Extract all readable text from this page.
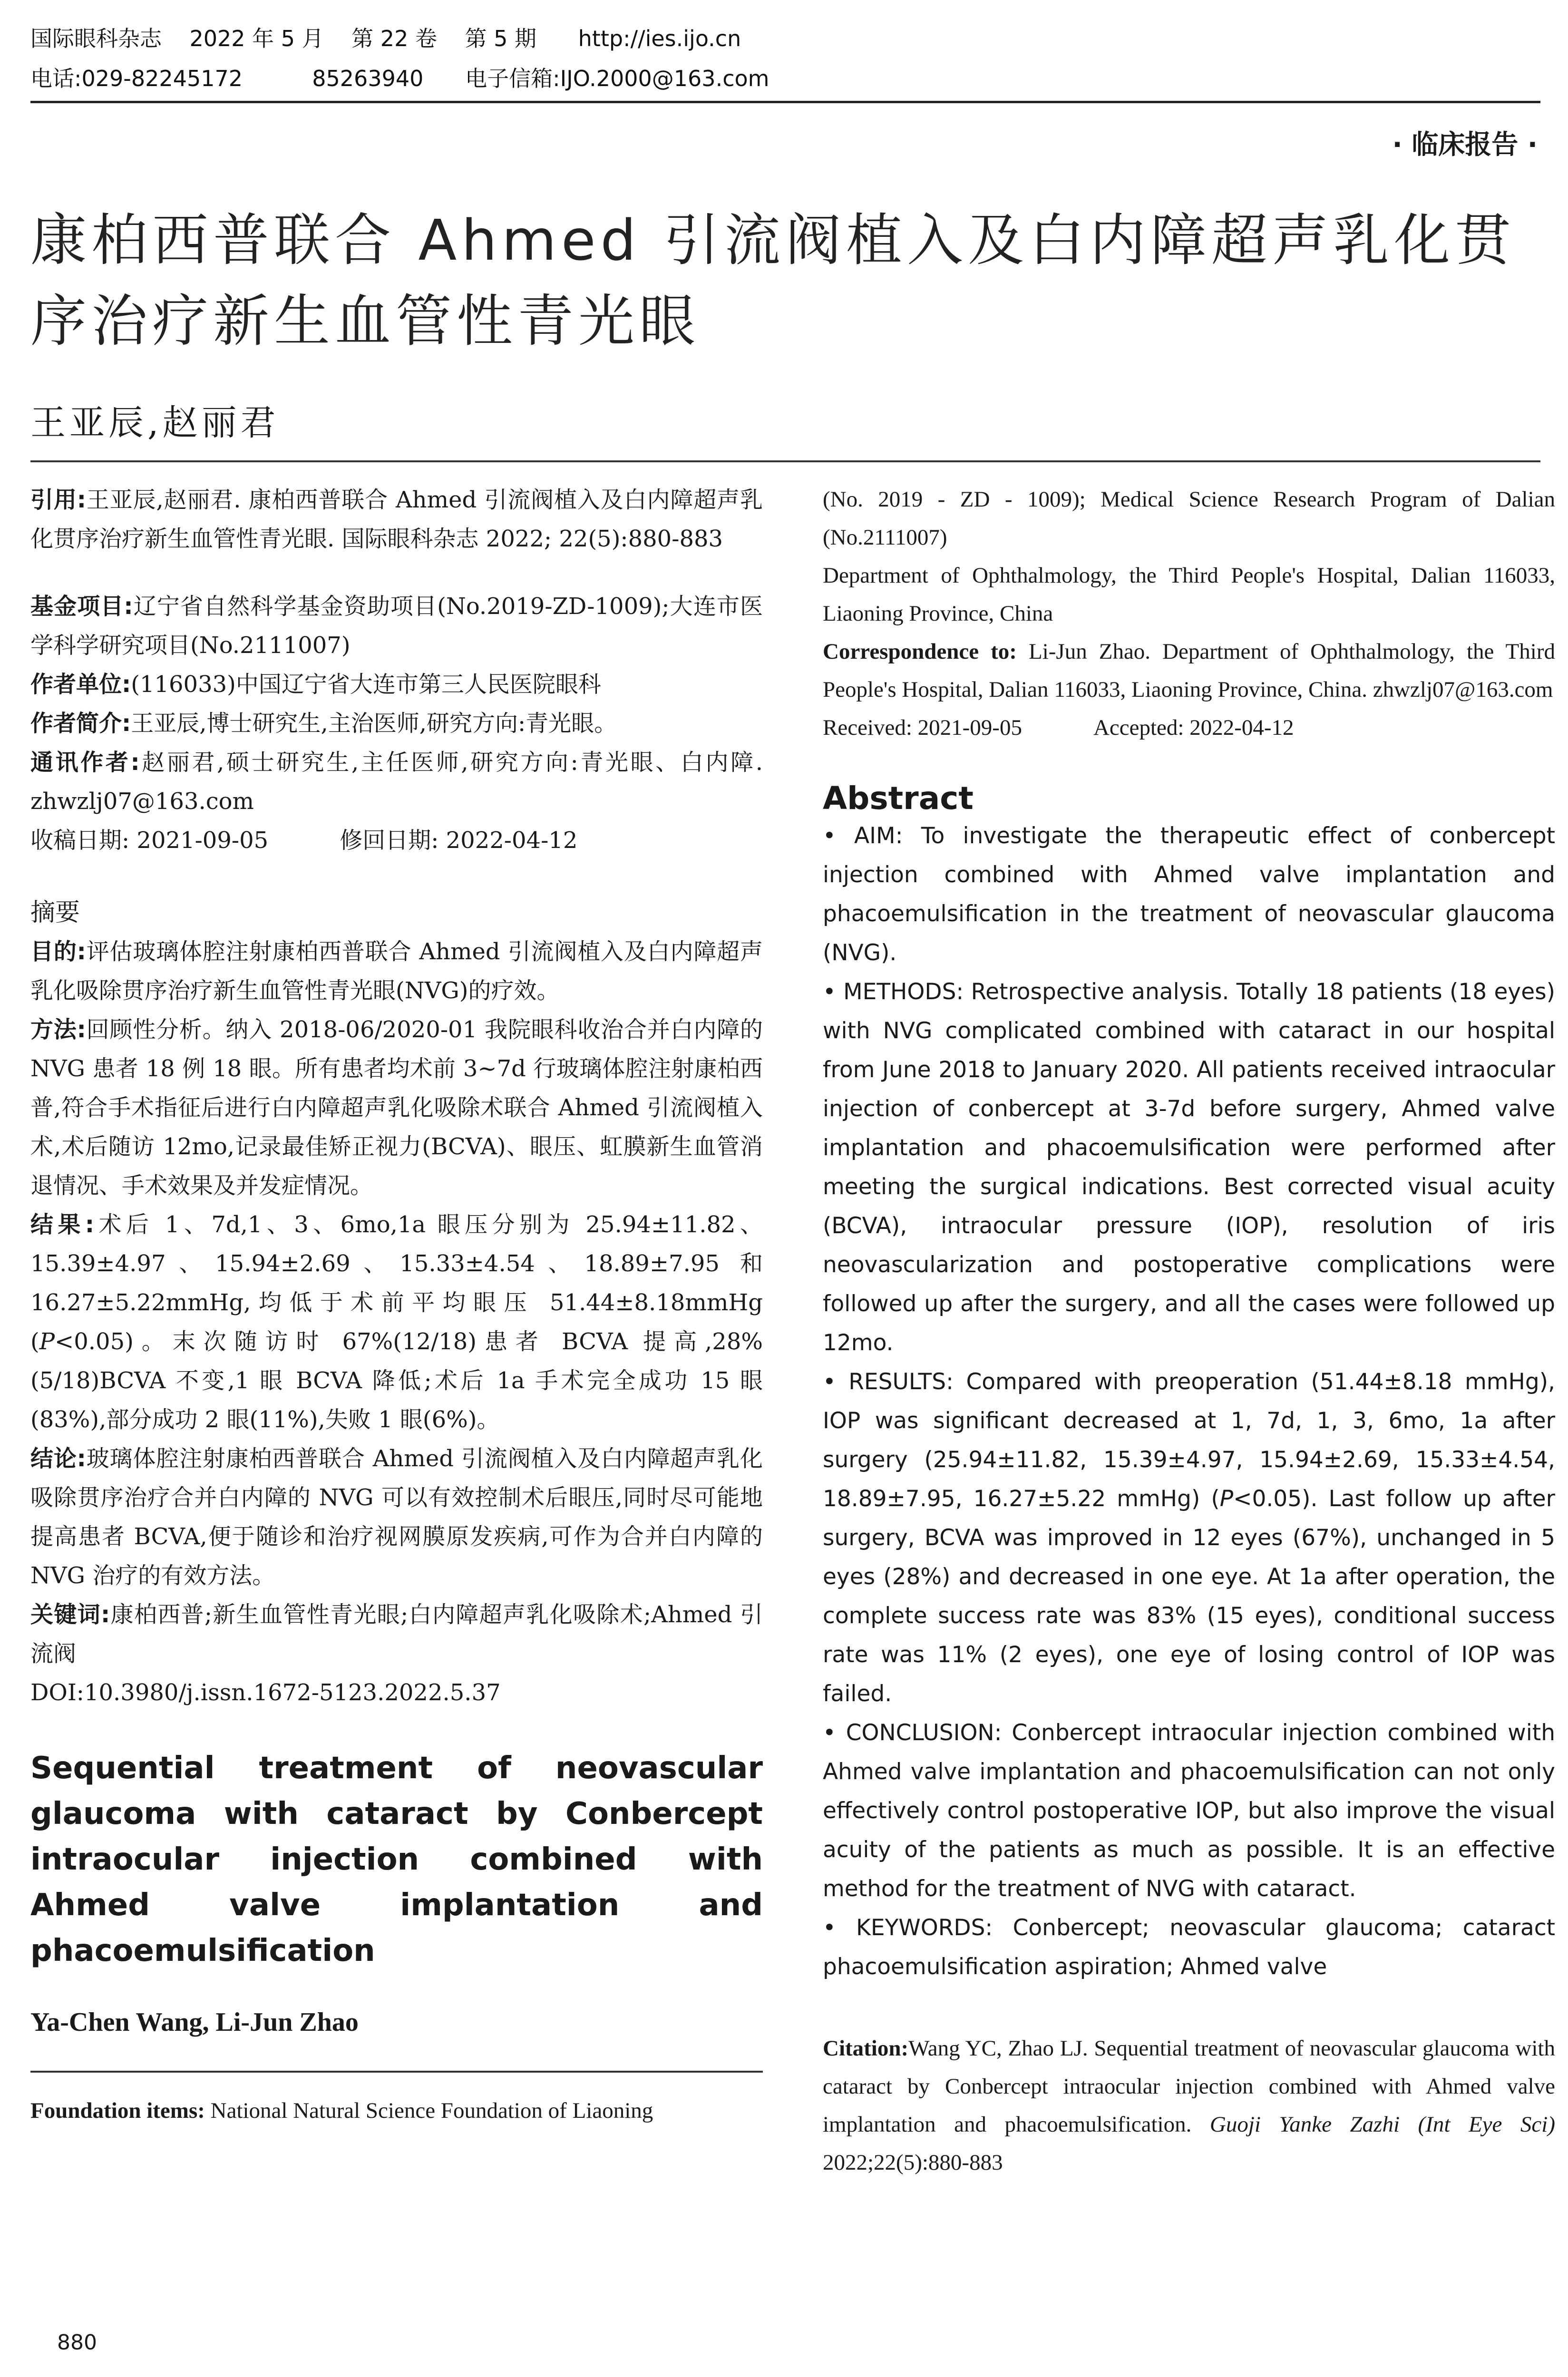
国际眼科杂志    2022 年 5 月    第 22 卷    第 5 期      http://ies.ijo.cn
电话:029-82245172          85263940      电子信箱:IJO.2000@163.com
· 临床报告 ·
康柏西普联合 Ahmed 引流阀植入及白内障超声乳化贯
序治疗新生血管性青光眼
王亚辰,赵丽君
引用:王亚辰,赵丽君. 康柏西普联合 Ahmed 引流阀植入及白内障超声乳化贯序治疗新生血管性青光眼. 国际眼科杂志 2022; 22(5):880-883
基金项目:辽宁省自然科学基金资助项目(No.2019-ZD-1009);大连市医学科学研究项目(No.2111007)
作者单位:(116033)中国辽宁省大连市第三人民医院眼科
作者简介:王亚辰,博士研究生,主治医师,研究方向:青光眼。
通讯作者:赵丽君,硕士研究生,主任医师,研究方向:青光眼、白内障. zhwzlj07@163.com
收稿日期: 2021-09-05	修回日期: 2022-04-12
摘要
目的:评估玻璃体腔注射康柏西普联合 Ahmed 引流阀植入及白内障超声乳化吸除贯序治疗新生血管性青光眼(NVG)的疗效。
方法:回顾性分析。纳入 2018-06/2020-01 我院眼科收治合并白内障的 NVG 患者 18 例 18 眼。所有患者均术前 3~7d 行玻璃体腔注射康柏西普,符合手术指征后进行白内障超声乳化吸除术联合 Ahmed 引流阀植入术,术后随访 12mo,记录最佳矫正视力(BCVA)、眼压、虹膜新生血管消退情况、手术效果及并发症情况。
结果:术后 1、7d,1、3、6mo,1a 眼压分别为 25.94±11.82、15.39±4.97、15.94±2.69、15.33±4.54、18.89±7.95 和 16.27±5.22mmHg,均低于术前平均眼压 51.44±8.18mmHg (P<0.05)。末次随访时 67%(12/18)患者 BCVA 提高,28%(5/18)BCVA 不变,1 眼 BCVA 降低;术后 1a 手术完全成功 15 眼(83%),部分成功 2 眼(11%),失败 1 眼(6%)。
结论:玻璃体腔注射康柏西普联合 Ahmed 引流阀植入及白内障超声乳化吸除贯序治疗合并白内障的 NVG 可以有效控制术后眼压,同时尽可能地提高患者 BCVA,便于随诊和治疗视网膜原发疾病,可作为合并白内障的 NVG 治疗的有效方法。
关键词:康柏西普;新生血管性青光眼;白内障超声乳化吸除术;Ahmed 引流阀
DOI:10.3980/j.issn.1672-5123.2022.5.37
Sequential treatment of neovascular glaucoma with cataract by Conbercept intraocular injection combined with Ahmed valve implantation and phacoemulsification
Ya-Chen Wang, Li-Jun Zhao
Foundation items: National Natural Science Foundation of Liaoning
(No. 2019 - ZD - 1009); Medical Science Research Program of Dalian (No.2111007)
Department of Ophthalmology, the Third People's Hospital, Dalian 116033, Liaoning Province, China
Correspondence to: Li-Jun Zhao. Department of Ophthalmology, the Third People's Hospital, Dalian 116033, Liaoning Province, China. zhwzlj07@163.com
Received: 2021-09-05	Accepted: 2022-04-12
Abstract

• AIM: To investigate the therapeutic effect of conbercept injection combined with Ahmed valve implantation and phacoemulsification in the treatment of neovascular glaucoma (NVG).

• METHODS: Retrospective analysis. Totally 18 patients (18 eyes) with NVG complicated combined with cataract in our hospital from June 2018 to January 2020. All patients received intraocular injection of conbercept at 3-7d before surgery, Ahmed valve implantation and phacoemulsification were performed after meeting the surgical indications. Best corrected visual acuity (BCVA), intraocular pressure (IOP), resolution of iris neovascularization and postoperative complications were followed up after the surgery, and all the cases were followed up 12mo.

• RESULTS: Compared with preoperation (51.44±8.18 mmHg), IOP was significant decreased at 1, 7d, 1, 3, 6mo, 1a after surgery (25.94±11.82, 15.39±4.97, 15.94±2.69, 15.33±4.54, 18.89±7.95, 16.27±5.22 mmHg) (P<0.05). Last follow up after surgery, BCVA was improved in 12 eyes (67%), unchanged in 5 eyes (28%) and decreased in one eye. At 1a after operation, the complete success rate was 83% (15 eyes), conditional success rate was 11% (2 eyes), one eye of losing control of IOP was failed.

• CONCLUSION: Conbercept intraocular injection combined with Ahmed valve implantation and phacoemulsification can not only effectively control postoperative IOP, but also improve the visual acuity of the patients as much as possible. It is an effective method for the treatment of NVG with cataract.

• KEYWORDS: Conbercept; neovascular glaucoma; cataract phacoemulsification aspiration; Ahmed valve

Citation:Wang YC, Zhao LJ. Sequential treatment of neovascular glaucoma with cataract by Conbercept intraocular injection combined with Ahmed valve implantation and phacoemulsification. Guoji Yanke Zazhi (Int Eye Sci) 2022;22(5):880-883
880
